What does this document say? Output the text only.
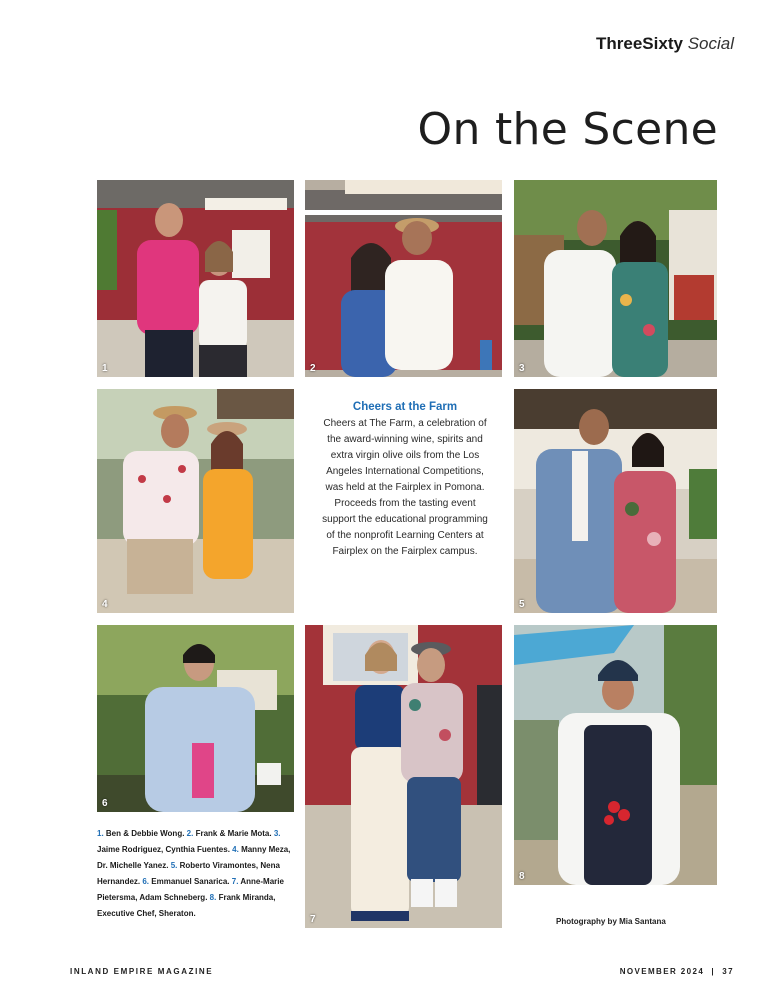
ThreeSixty Social
On the Scene
1	2	3
4
Cheers at the Farm

Cheers at The Farm, a celebration of the award-winning wine, spirits and extra virgin olive oils from the Los Angeles International Competitions, was held at the Fairplex in Pomona. Proceeds from the tasting event support the educational programming of the nonprofit Learning Centers at Fairplex on the Fairplex campus.

5
6
7
8
1. Ben & Debbie Wong. 2. Frank & Marie Mota. 3. Jaime Rodriguez, Cynthia Fuentes. 4. Manny Meza, Dr. Michelle Yanez. 5. Roberto Viramontes, Nena Hernandez. 6. Emmanuel Sanarica. 7. Anne-Marie Pietersma, Adam Schneberg. 8. Frank Miranda, Executive Chef, Sheraton.
Photography by Mia Santana
INLAND EMPIRE MAGAZINE	NOVEMBER 2024  |  37
